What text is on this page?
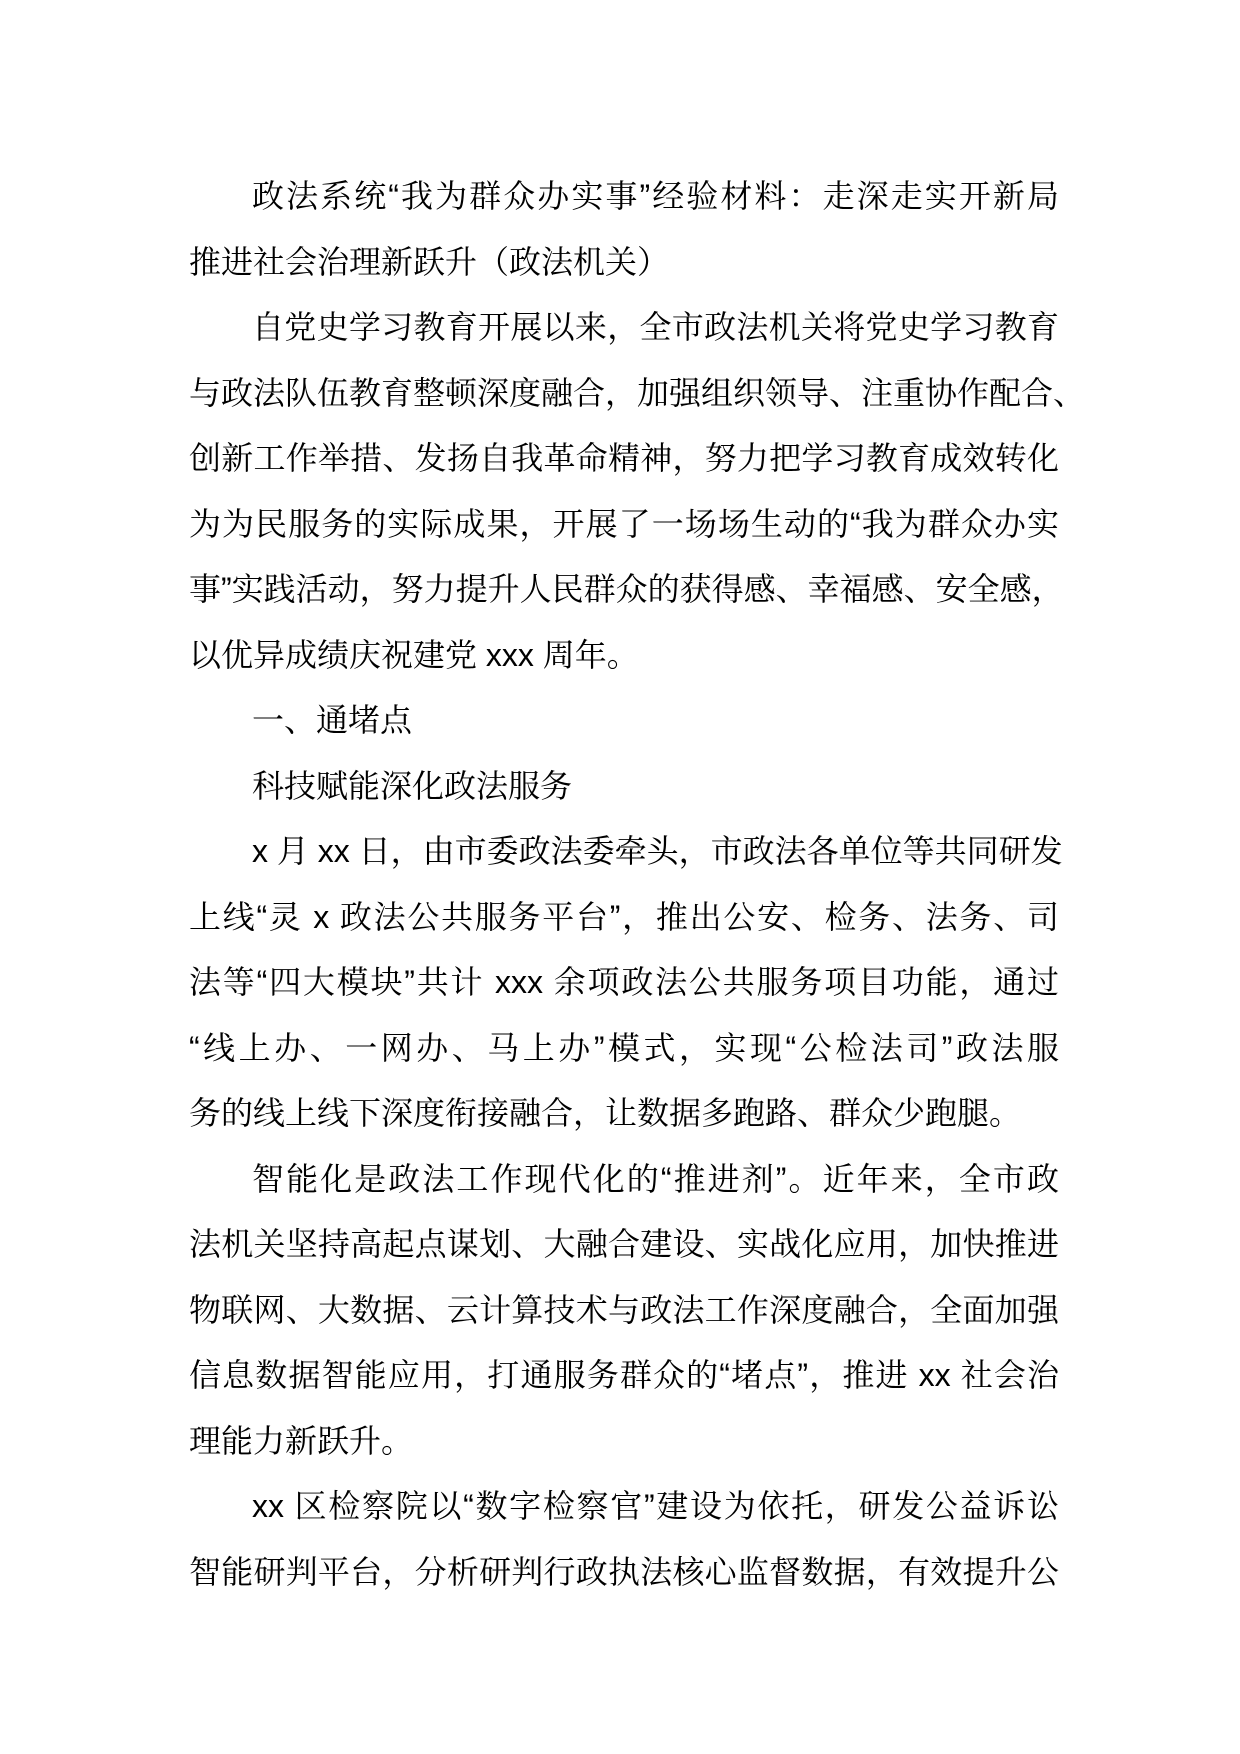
政法系统“我为群众办实事”经验材料：走深走实开新局
推进社会治理新跃升（政法机关）
自党史学习教育开展以来，全市政法机关将党史学习教育
与政法队伍教育整顿深度融合，加强组织领导、注重协作配合、
创新工作举措、发扬自我革命精神，努力把学习教育成效转化
为为民服务的实际成果，开展了一场场生动的“我为群众办实
事”实践活动，努力提升人民群众的获得感、幸福感、安全感，
以优异成绩庆祝建党 xxx 周年。
一、通堵点
科技赋能深化政法服务
x 月 xx 日，由市委政法委牵头，市政法各单位等共同研发
上线“灵 x 政法公共服务平台”，推出公安、检务、法务、司
法等“四大模块”共计 xxx 余项政法公共服务项目功能，通过
“线上办、一网办、马上办”模式，实现“公检法司”政法服
务的线上线下深度衔接融合，让数据多跑路、群众少跑腿。
智能化是政法工作现代化的“推进剂”。近年来，全市政
法机关坚持高起点谋划、大融合建设、实战化应用，加快推进
物联网、大数据、云计算技术与政法工作深度融合，全面加强
信息数据智能应用，打通服务群众的“堵点”，推进 xx 社会治
理能力新跃升。
xx 区检察院以“数字检察官”建设为依托，研发公益诉讼
智能研判平台，分析研判行政执法核心监督数据，有效提升公
